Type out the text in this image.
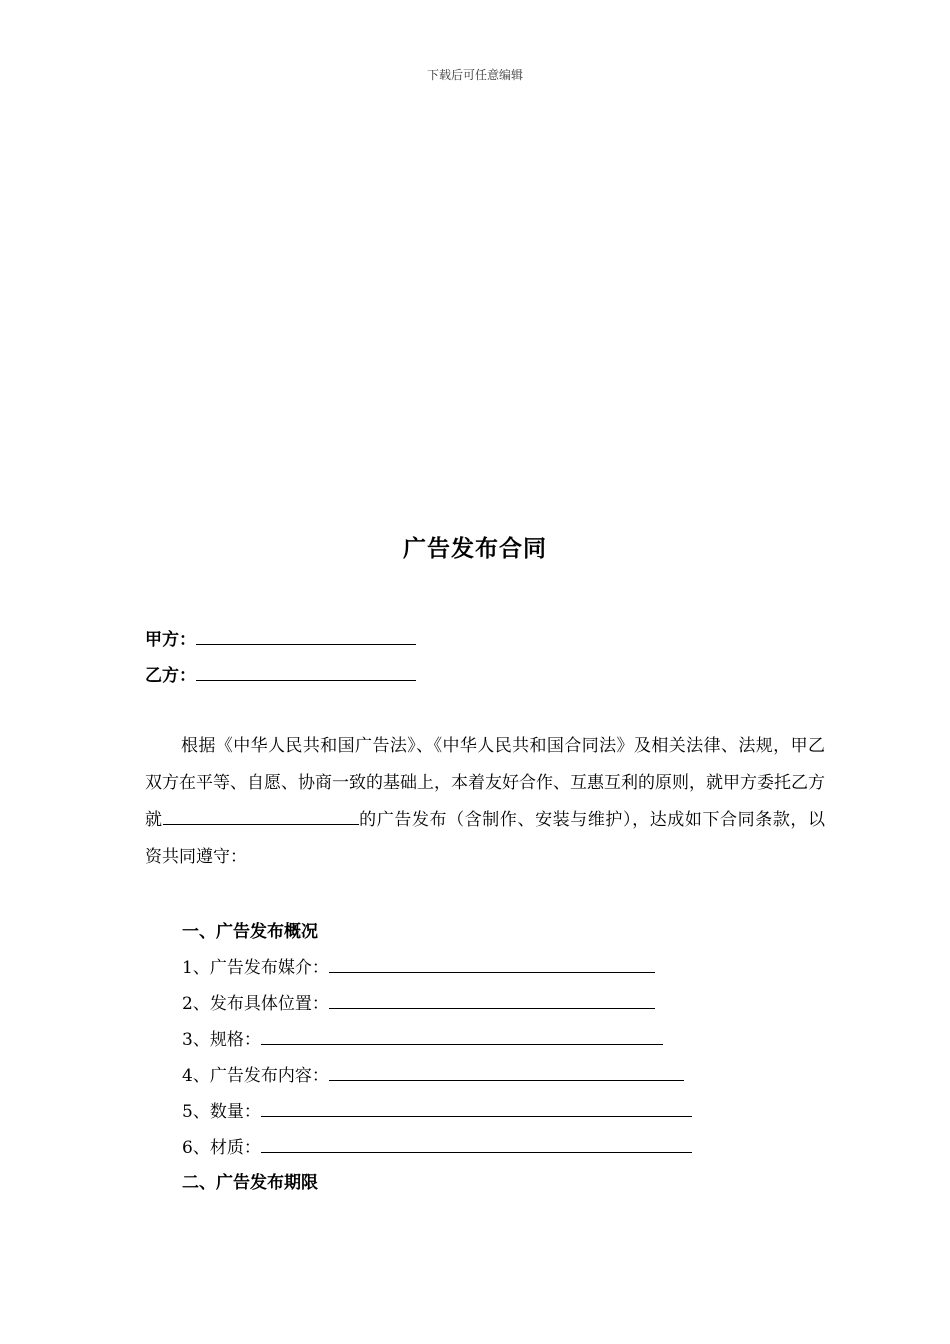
下载后可任意编辑
广告发布合同
甲方：
乙方：
根据《中华人民共和国广告法》、《中华人民共和国合同法》及相关法律、法规，甲乙双方在平等、自愿、协商一致的基础上，本着友好合作、互惠互利的原则，就甲方委托乙方就	的广告发布（含制作、安装与维护），达成如下合同条款，以资共同遵守：
一、广告发布概况
1、广告发布媒介：
2、发布具体位置：
3、规格：
4、广告发布内容：
5、数量：
6、材质：
二、广告发布期限
